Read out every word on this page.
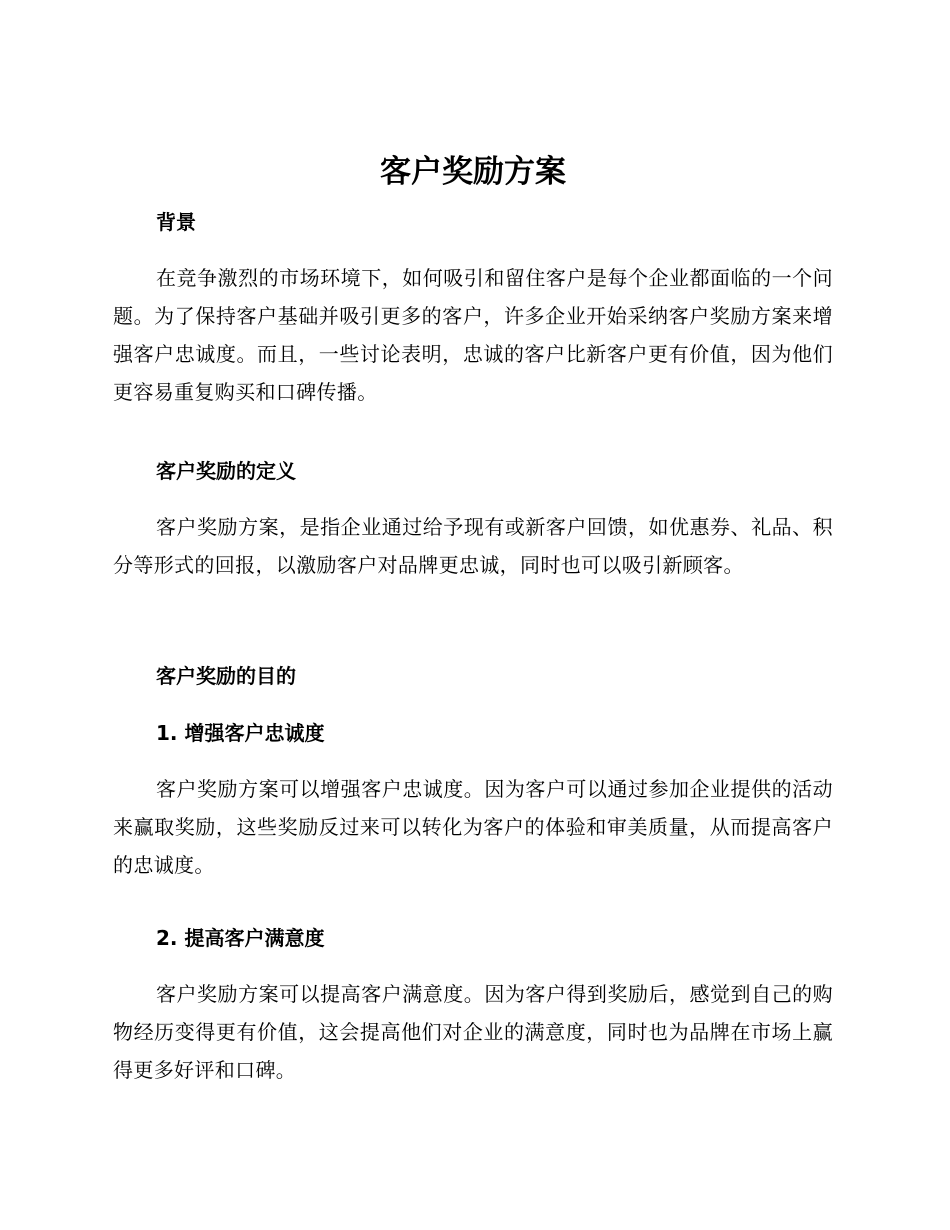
客户奖励方案
背景

在竞争激烈的市场环境下，如何吸引和留住客户是每个企业都面临的一个问题。为了保持客户基础并吸引更多的客户，许多企业开始采纳客户奖励方案来增强客户忠诚度。而且，一些讨论表明，忠诚的客户比新客户更有价值，因为他们更容易重复购买和口碑传播。

客户奖励的定义

客户奖励方案，是指企业通过给予现有或新客户回馈，如优惠券、礼品、积分等形式的回报，以激励客户对品牌更忠诚，同时也可以吸引新顾客。

客户奖励的目的
1. 增强客户忠诚度

客户奖励方案可以增强客户忠诚度。因为客户可以通过参加企业提供的活动来赢取奖励，这些奖励反过来可以转化为客户的体验和审美质量，从而提高客户的忠诚度。

2. 提高客户满意度

客户奖励方案可以提高客户满意度。因为客户得到奖励后，感觉到自己的购物经历变得更有价值，这会提高他们对企业的满意度，同时也为品牌在市场上赢得更多好评和口碑。
